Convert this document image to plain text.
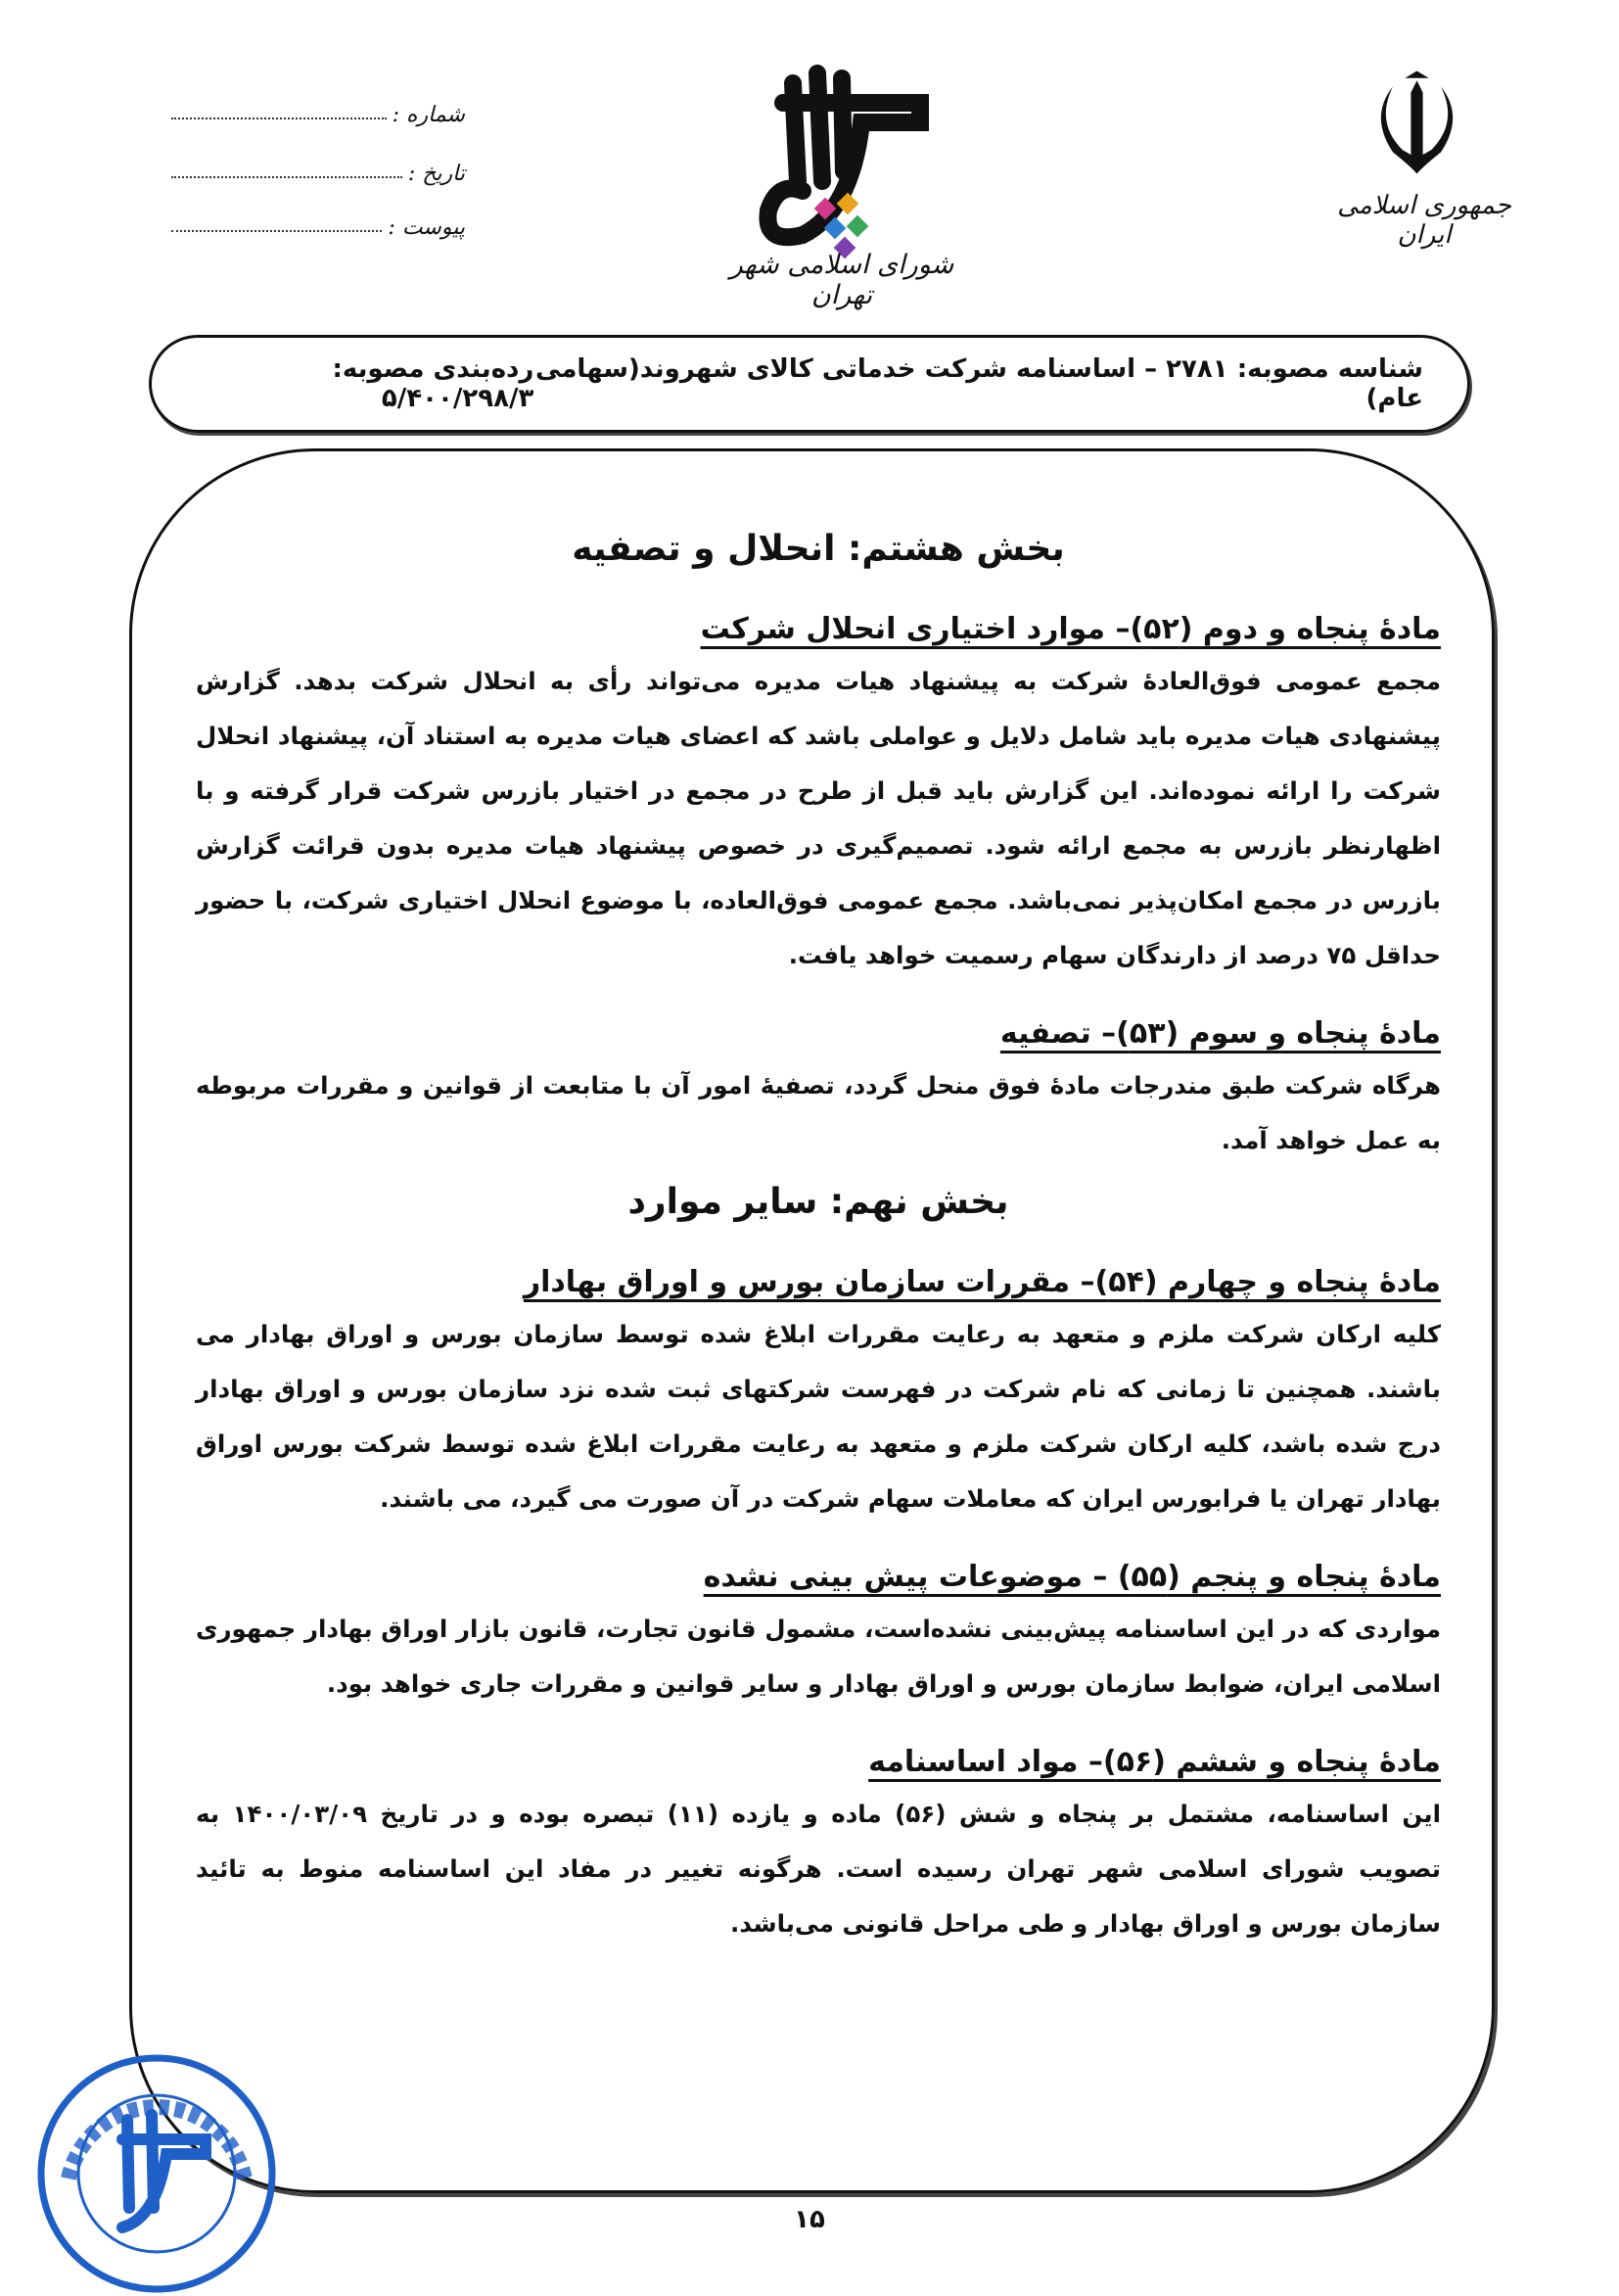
جمهوری اسلامی ایران
شورای اسلامی شهر تهران
شماره :
تاریخ :
پیوست :
شناسه مصوبه: ۲۷۸۱ – اساسنامه شرکت خدماتی کالای شهروند(سهامی عام)
رده‌بندی مصوبه: ۵/۴۰۰/۲۹۸/۳
بخش هشتم: انحلال و تصفیه
مادهٔ پنجاه و دوم (۵۲)– موارد اختیاری انحلال شرکت

مجمع عمومی فوق‌العادهٔ شرکت به پیشنهاد هیات مدیره می‌تواند رأی به انحلال شرکت بدهد. گزارش پیشنهادی هیات مدیره باید شامل دلایل و عواملی باشد که اعضای هیات مدیره به استناد آن، پیشنهاد انحلال شرکت را ارائه نموده‌اند. این گزارش باید قبل از طرح در مجمع در اختیار بازرس شرکت قرار گرفته و با اظهارنظر بازرس به مجمع ارائه شود. تصمیم‌گیری در خصوص پیشنهاد هیات مدیره بدون قرائت گزارش بازرس در مجمع امکان‌پذیر نمی‌باشد. مجمع عمومی فوق‌العاده، با موضوع انحلال اختیاری شرکت، با حضور حداقل ۷۵ درصد از دارندگان سهام رسمیت خواهد یافت.

مادهٔ پنجاه و سوم (۵۳)– تصفیه

هرگاه شرکت طبق مندرجات مادهٔ فوق منحل گردد، تصفیهٔ امور آن با متابعت از قوانین و مقررات مربوطه به عمل خواهد آمد.

بخش نهم: سایر موارد
مادهٔ پنجاه و چهارم (۵۴)– مقررات سازمان بورس و اوراق بهادار

کلیه ارکان شرکت ملزم و متعهد به رعایت مقررات ابلاغ شده توسط سازمان بورس و اوراق بهادار می باشند. همچنین تا زمانی که نام شرکت در فهرست شرکتهای ثبت شده نزد سازمان بورس و اوراق بهادار درج شده باشد، کلیه ارکان شرکت ملزم و متعهد به رعایت مقررات ابلاغ شده توسط شرکت بورس اوراق بهادار تهران یا فرابورس ایران که معاملات سهام شرکت در آن صورت می گیرد، می باشند.

مادهٔ پنجاه و پنجم (۵۵) – موضوعات پیش بینی نشده

مواردی که در این اساسنامه پیش‌بینی نشده‌است، مشمول قانون تجارت، قانون بازار اوراق بهادار جمهوری اسلامی ایران، ضوابط سازمان بورس و اوراق بهادار و سایر قوانین و مقررات جاری خواهد بود.

مادهٔ پنجاه و ششم (۵۶)– مواد اساسنامه

این اساسنامه، مشتمل بر پنجاه و شش (۵۶) ماده و یازده (۱۱) تبصره بوده و در تاریخ ۱۴۰۰/۰۳/۰۹ به تصویب شورای اسلامی شهر تهران رسیده است. هرگونه تغییر در مفاد این اساسنامه منوط به تائید سازمان بورس و اوراق بهادار و طی مراحل قانونی می‌باشد.

۱۵
